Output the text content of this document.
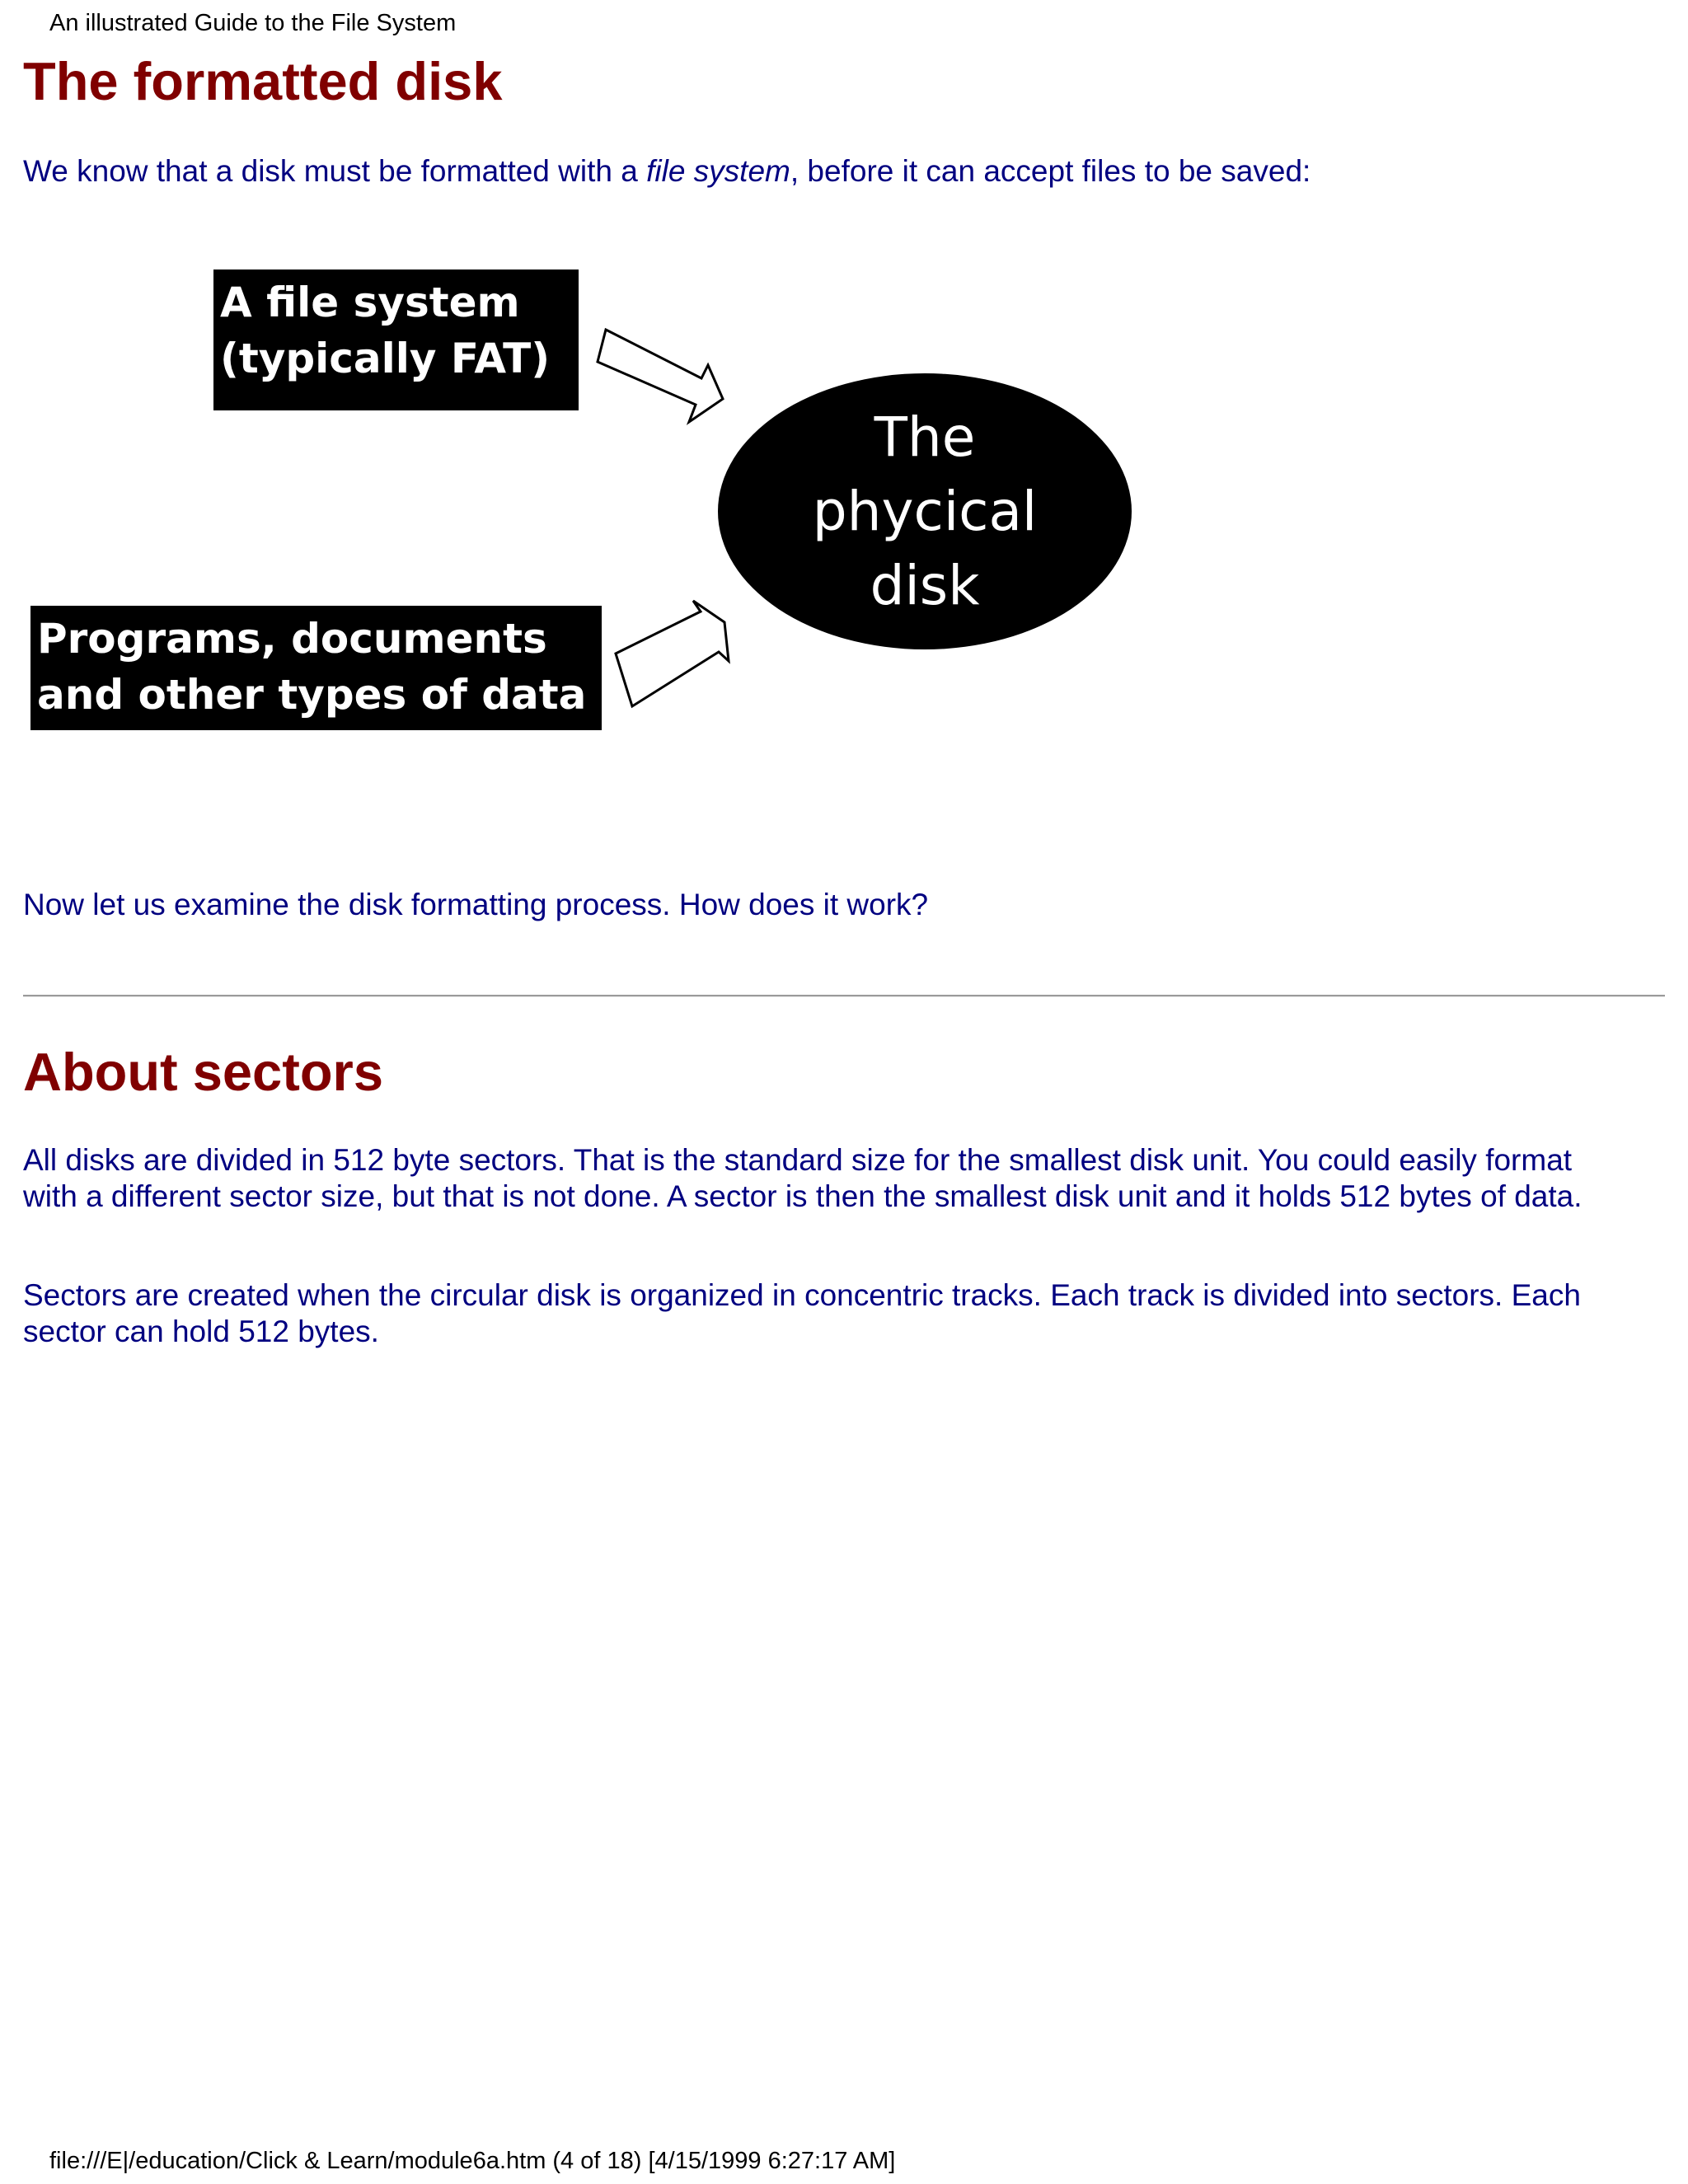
An illustrated Guide to the File System
The formatted disk

We know that a disk must be formatted with a file system, before it can accept files to be saved:

A file system
(typically FAT)
Programs, documents
and other types of data
The
phycical
disk

Now let us examine the disk formatting process. How does it work?

About sectors

All disks are divided in 512 byte sectors. That is the standard size for the smallest disk unit. You could easily format with a different sector size, but that is not done. A sector is then the smallest disk unit and it holds 512 bytes of data.

Sectors are created when the circular disk is organized in concentric tracks. Each track is divided into sectors. Each sector can hold 512 bytes.

file:///E|/education/Click & Learn/module6a.htm (4 of 18) [4/15/1999 6:27:17 AM]
